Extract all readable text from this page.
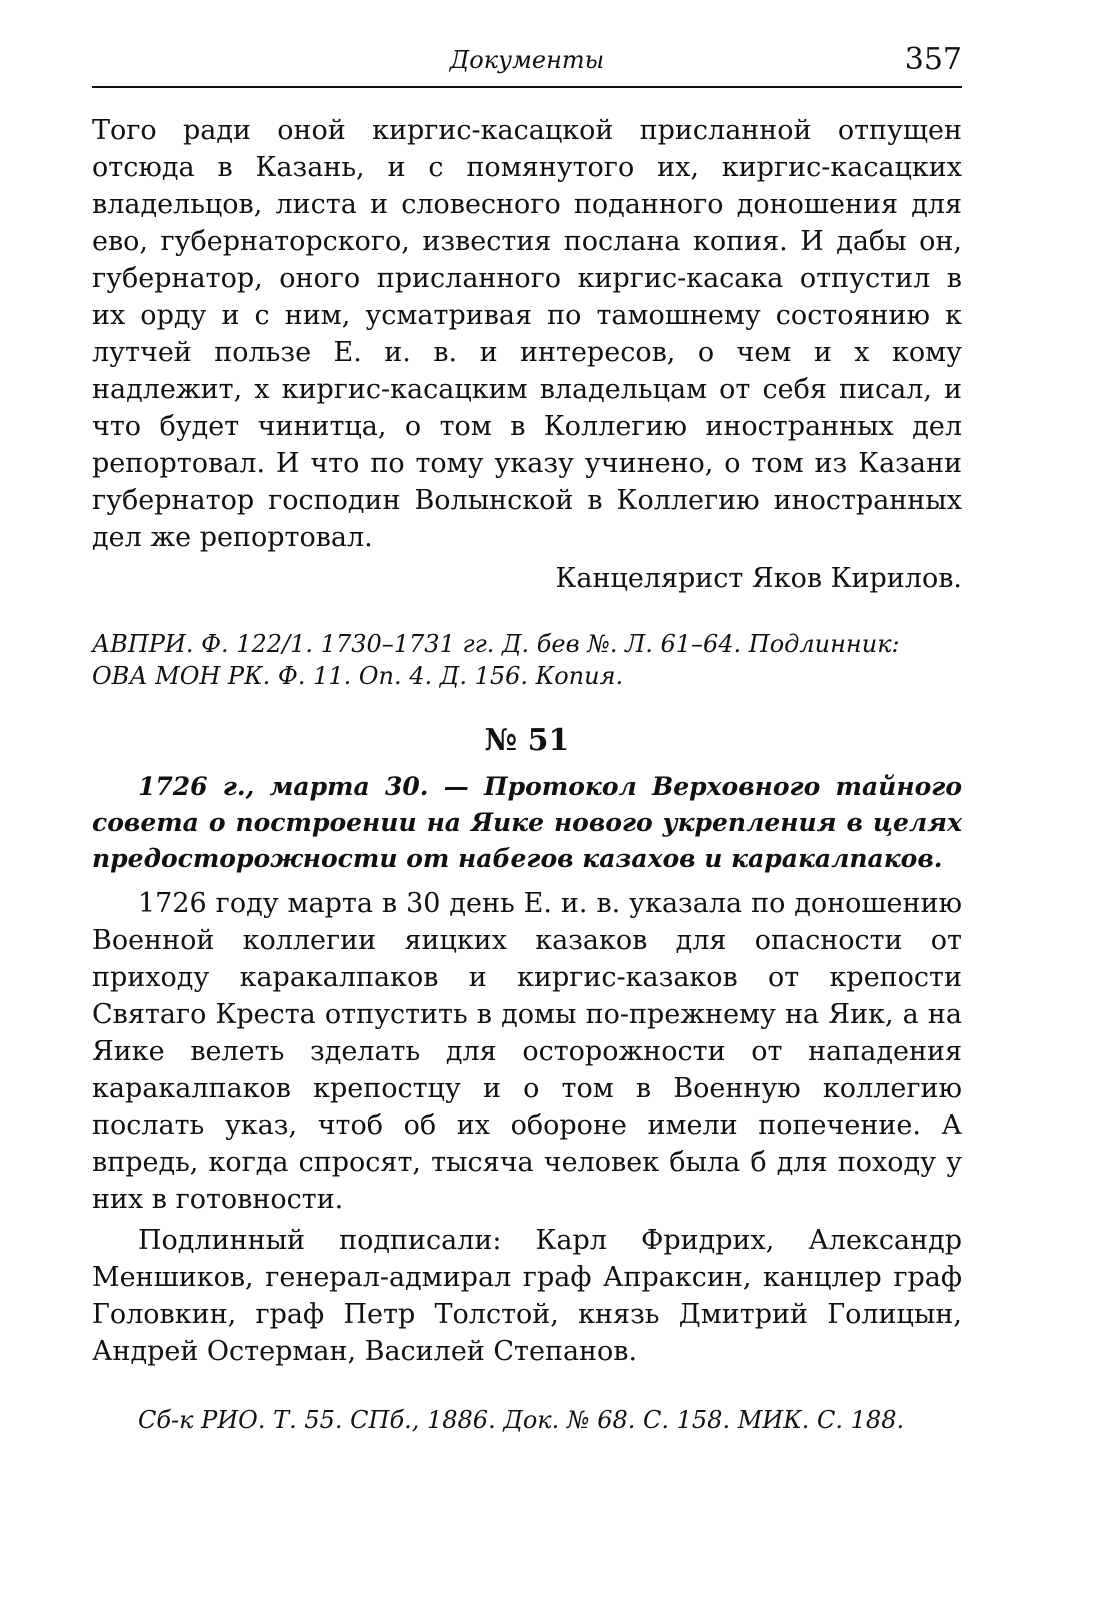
Документы	357

Того ради оной киргис-касацкой присланной отпущен отсюда в Казань, и с помянутого их, киргис-касацких владельцов, листа и словесного поданного доношения для ево, губернаторского, известия послана копия. И дабы он, губернатор, оного присланного киргис-касака отпустил в их орду и с ним, усматривая по тамошнему состоянию к лутчей пользе Е. и. в. и интересов, о чем и х кому надлежит, х киргис-касацким владельцам от себя писал, и что будет чинитца, о том в Коллегию иностранных дел репортовал. И что по тому указу учинено, о том из Казани губернатор господин Волынской в Коллегию иностранных дел же репортовал.

Канцелярист Яков Кирилов.
АВПРИ. Ф. 122/1. 1730–1731 гг. Д. бев №. Л. 61–64. Подлинник: ОВА МОН РК. Ф. 11. Оп. 4. Д. 156. Копия.
№ 51
1726 г., марта 30. — Протокол Верховного тайного совета о построении на Яике нового укрепления в целях предосторожности от набегов казахов и каракалпаков.

1726 году марта в 30 день Е. и. в. указала по доношению Военной коллегии яицких казаков для опасности от приходу каракалпаков и киргис-казаков от крепости Святаго Креста отпустить в домы по-прежнему на Яик, а на Яике велеть зделать для осторожности от нападения каракалпаков крепостцу и о том в Военную коллегию послать указ, чтоб об их обороне имели попечение. А впредь, когда спросят, тысяча человек была б для походу у них в готовности.

Подлинный подписали: Карл Фридрих, Александр Меншиков, генерал-адмирал граф Апраксин, канцлер граф Головкин, граф Петр Толстой, князь Дмитрий Голицын, Андрей Остерман, Василей Степанов.

Сб-к РИО. Т. 55. СПб., 1886. Док. № 68. С. 158. МИК. С. 188.
